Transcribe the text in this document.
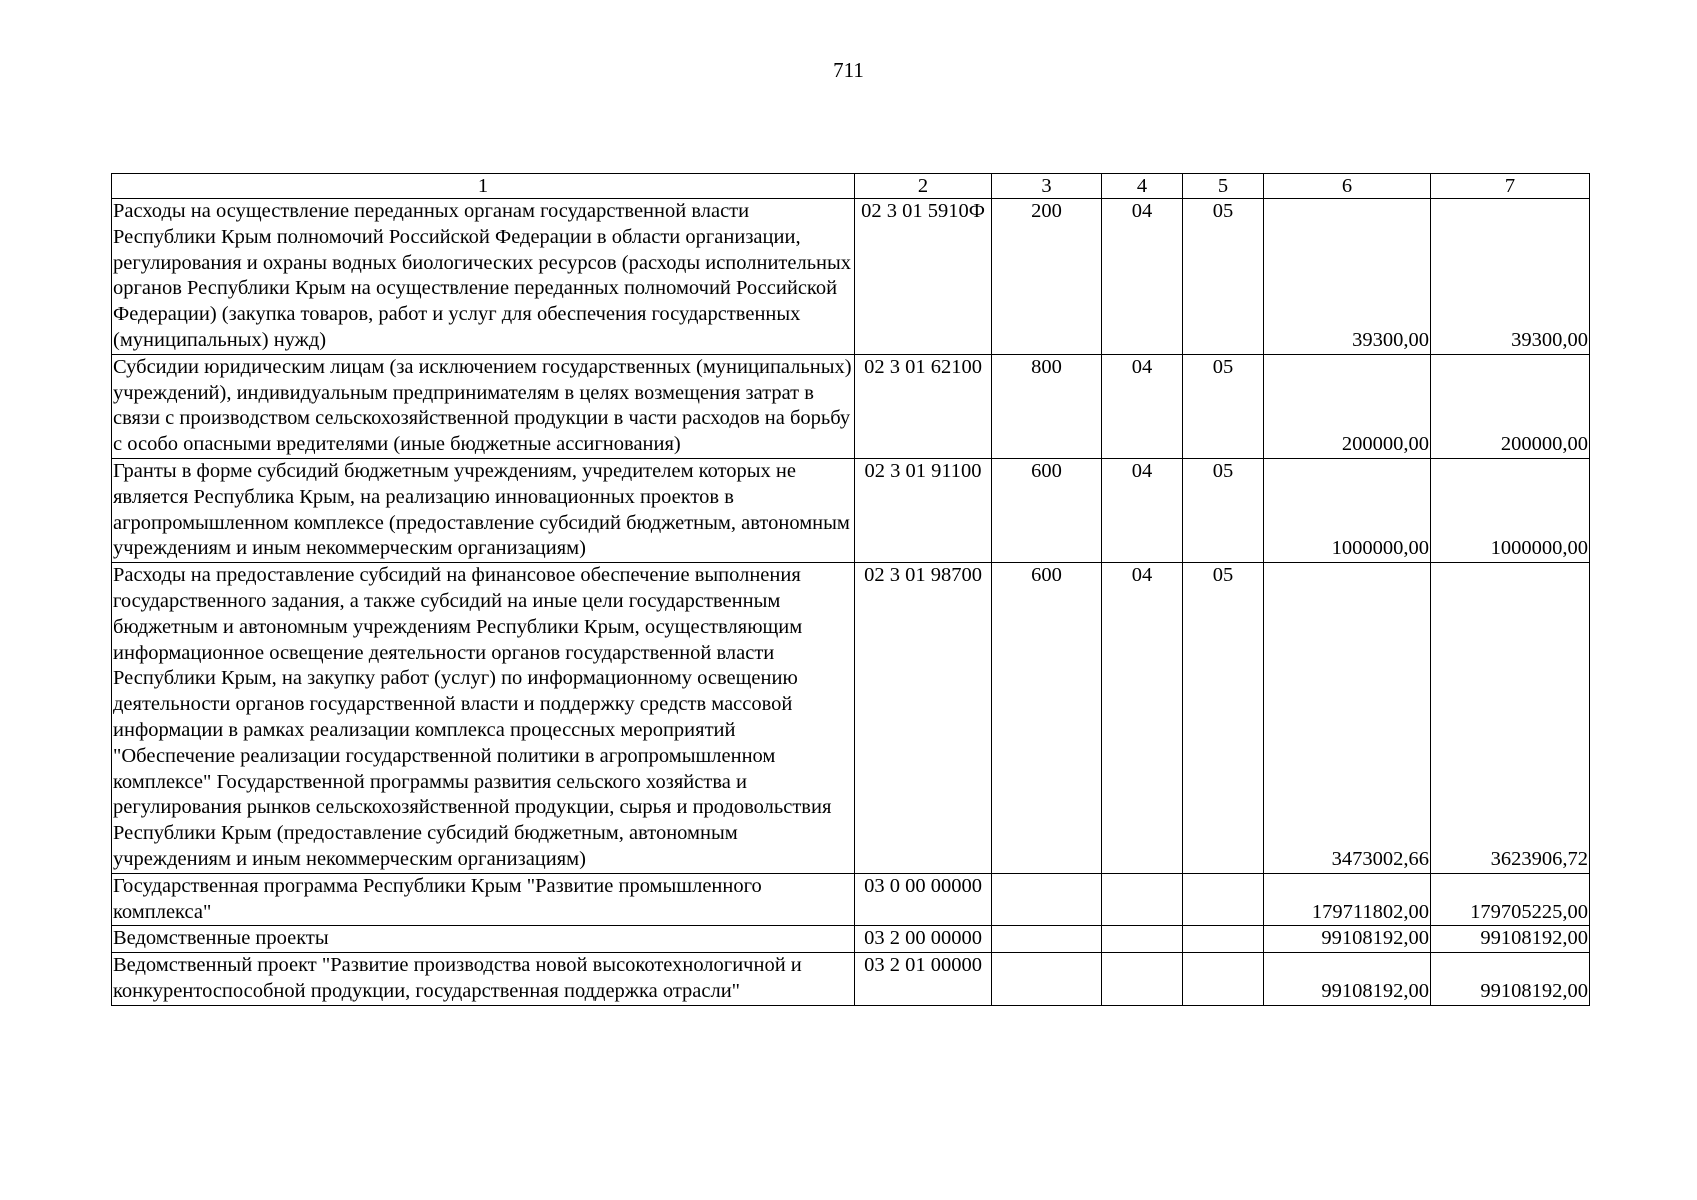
711
1	2	3	4	5	6	7
Расходы на осуществление переданных органам государственной власти Республики Крым полномочий Российской Федерации в области организации, регулирования и охраны водных биологических ресурсов (расходы исполнительных органов Республики Крым на осуществление переданных полномочий Российской Федерации) (закупка товаров, работ и услуг для обеспечения государственных (муниципальных) нужд)	02 3 01 5910Ф	200	04	05	39300,00	39300,00
Субсидии юридическим лицам (за исключением государственных (муниципальных) учреждений), индивидуальным предпринимателям в целях возмещения затрат в связи с производством сельскохозяйственной продукции в части расходов на борьбу с особо опасными вредителями (иные бюджетные ассигнования)	02 3 01 62100	800	04	05	200000,00	200000,00
Гранты в форме субсидий бюджетным учреждениям, учредителем которых не является Республика Крым, на реализацию инновационных проектов в агропромышленном комплексе (предоставление субсидий бюджетным, автономным учреждениям и иным некоммерческим организациям)	02 3 01 91100	600	04	05	1000000,00	1000000,00
Расходы на предоставление субсидий на финансовое обеспечение выполнения государственного задания, а также субсидий на иные цели государственным бюджетным и автономным учреждениям Республики Крым, осуществляющим информационное освещение деятельности органов государственной власти Республики Крым, на закупку работ (услуг) по информационному освещению деятельности органов государственной власти и поддержку средств массовой информации в рамках реализации комплекса процессных мероприятий "Обеспечение реализации государственной политики в агропромышленном комплексе" Государственной программы развития сельского хозяйства и регулирования рынков сельскохозяйственной продукции, сырья и продовольствия Республики Крым (предоставление субсидий бюджетным, автономным учреждениям и иным некоммерческим организациям)	02 3 01 98700	600	04	05	3473002,66	3623906,72
Государственная программа Республики Крым "Развитие промышленного комплекса"	03 0 00 00000				179711802,00	179705225,00
Ведомственные проекты	03 2 00 00000				99108192,00	99108192,00
Ведомственный проект "Развитие производства новой высокотехнологичной и конкурентоспособной продукции, государственная поддержка отрасли"	03 2 01 00000				99108192,00	99108192,00
